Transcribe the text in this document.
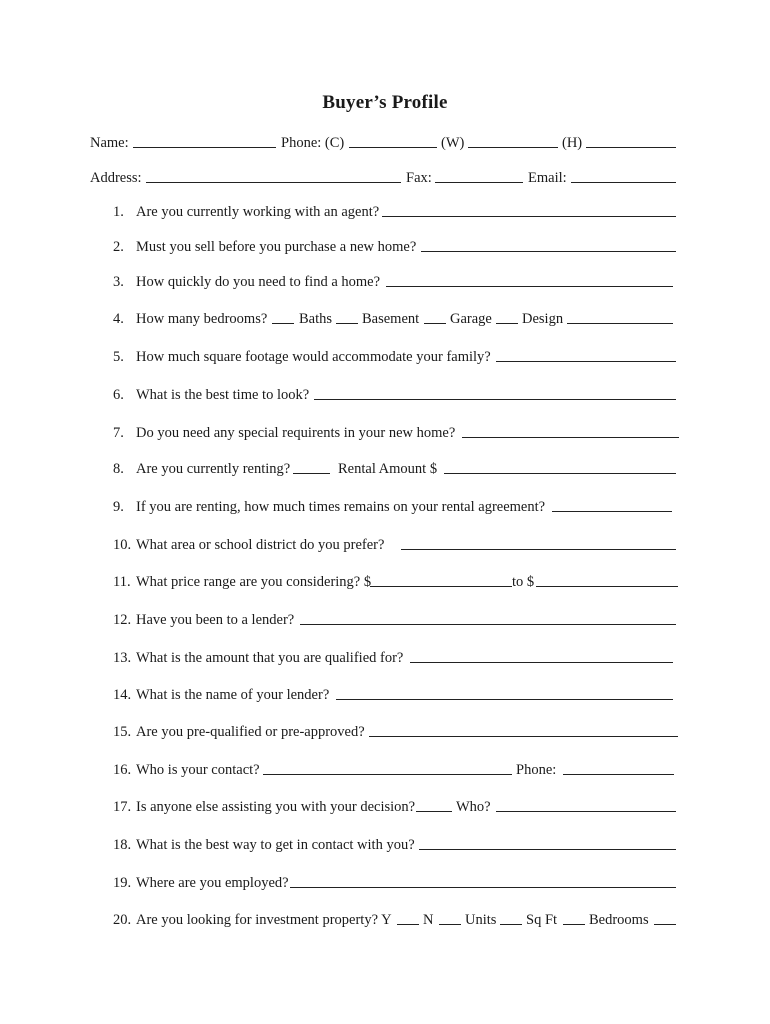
Buyer’s Profile
Name:	Phone: (C)	(W)	(H)
Address:	Fax:	Email:
1. Are you currently working with an agent?
2. Must you sell before you purchase a new home?
3. How quickly do you need to find a home?
4. How many bedrooms? Baths Basement Garage Design
5. How much square footage would accommodate your family?
6. What is the best time to look?
7. Do you need any special requirents in your new home?
8. Are you currently renting?	Rental Amount $
9. If you are renting, how much times remains on your rental agreement?
10. What area or school district do you prefer?
11. What price range are you considering? $	to $
12. Have you been to a lender?
13. What is the amount that you are qualified for?
14. What is the name of your lender?
15. Are you pre-qualified or pre-approved?
16. Who is your contact?	Phone:
17. Is anyone else assisting you with your decision?	Who?
18. What is the best way to get in contact with you?
19. Where are you employed?
20. Are you looking for investment property? Y N Units Sq Ft Bedrooms
